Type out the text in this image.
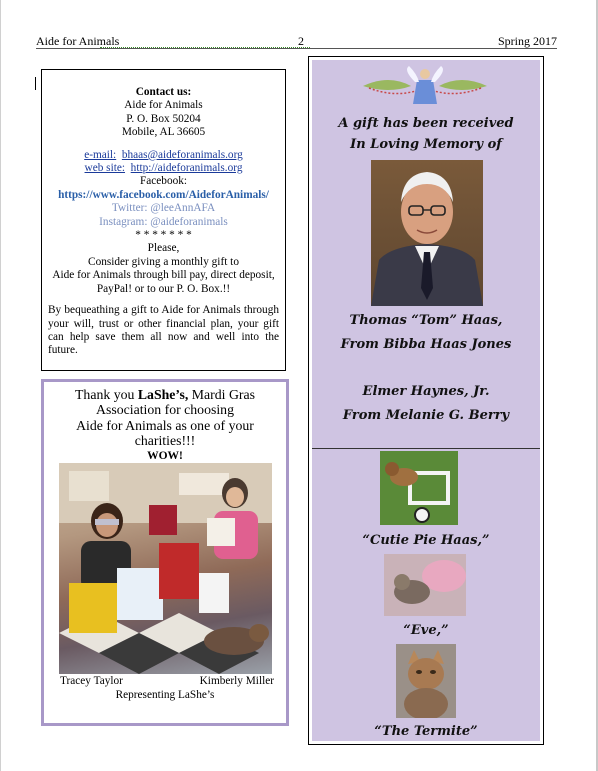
Aide for Animals	2	Spring 2017
Contact us:
Aide for Animals
P. O. Box 50204
Mobile, AL 36605
e-mail: bhaas@aideforanimals.org
web site: http://aideforanimals.org
Facebook:
https://www.facebook.com/AideforAnimals/
Twitter: @leeAnnAFA
Instagram: @aideforanimals
* * * * * * *
Please,
Consider giving a monthly gift to
Aide for Animals through bill pay, direct deposit,
PayPal! or to our P. O. Box.!!
By bequeathing a gift to Aide for Animals through your will, trust or other financial plan, your gift can help save them all now and well into the future.
Thank you LaShe’s, Mardi Gras
Association for choosing
Aide for Animals as one of your
charities!!!
WOW!
Tracey Taylor	Kimberly Miller
Representing LaShe’s
A gift has been received
In Loving Memory of
Thomas “Tom” Haas,
From Bibba Haas Jones
Elmer Haynes, Jr.
From Melanie G. Berry
“Cutie Pie Haas,”
“Eve,”
“The Termite”
